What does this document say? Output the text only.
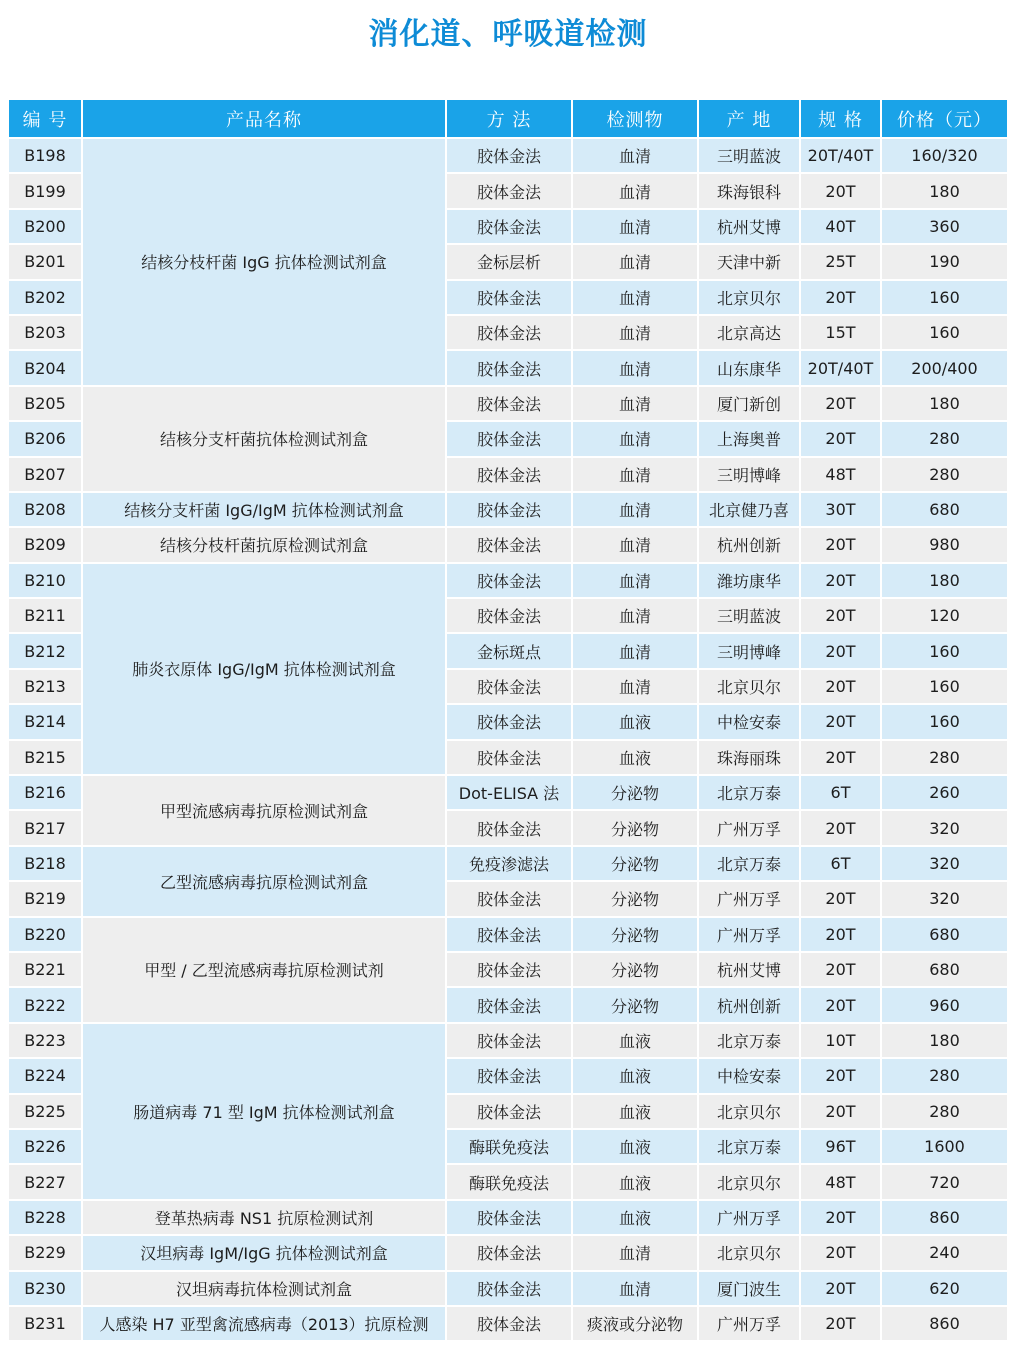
消化道、呼吸道检测
编 号	产品名称	方 法	检测物	产 地	规 格	价格（元）
B198	结核分枝杆菌 IgG 抗体检测试剂盒	胶体金法	血清	三明蓝波	20T/40T	160/320
B199		胶体金法	血清	珠海银科	20T	180
B200		胶体金法	血清	杭州艾博	40T	360
B201		金标层析	血清	天津中新	25T	190
B202		胶体金法	血清	北京贝尔	20T	160
B203		胶体金法	血清	北京高达	15T	160
B204		胶体金法	血清	山东康华	20T/40T	200/400
B205	结核分支杆菌抗体检测试剂盒	胶体金法	血清	厦门新创	20T	180
B206		胶体金法	血清	上海奥普	20T	280
B207		胶体金法	血清	三明博峰	48T	280
B208	结核分支杆菌 IgG/IgM 抗体检测试剂盒	胶体金法	血清	北京健乃喜	30T	680
B209	结核分枝杆菌抗原检测试剂盒	胶体金法	血清	杭州创新	20T	980
B210	肺炎衣原体 IgG/IgM 抗体检测试剂盒	胶体金法	血清	潍坊康华	20T	180
B211		胶体金法	血清	三明蓝波	20T	120
B212		金标斑点	血清	三明博峰	20T	160
B213		胶体金法	血清	北京贝尔	20T	160
B214		胶体金法	血液	中检安泰	20T	160
B215		胶体金法	血液	珠海丽珠	20T	280
B216	甲型流感病毒抗原检测试剂盒	Dot-ELISA 法	分泌物	北京万泰	6T	260
B217		胶体金法	分泌物	广州万孚	20T	320
B218	乙型流感病毒抗原检测试剂盒	免疫渗滤法	分泌物	北京万泰	6T	320
B219		胶体金法	分泌物	广州万孚	20T	320
B220	甲型 / 乙型流感病毒抗原检测试剂	胶体金法	分泌物	广州万孚	20T	680
B221		胶体金法	分泌物	杭州艾博	20T	680
B222		胶体金法	分泌物	杭州创新	20T	960
B223	肠道病毒 71 型 IgM 抗体检测试剂盒	胶体金法	血液	北京万泰	10T	180
B224		胶体金法	血液	中检安泰	20T	280
B225		胶体金法	血液	北京贝尔	20T	280
B226		酶联免疫法	血液	北京万泰	96T	1600
B227		酶联免疫法	血液	北京贝尔	48T	720
B228	登革热病毒 NS1 抗原检测试剂	胶体金法	血液	广州万孚	20T	860
B229	汉坦病毒 IgM/IgG 抗体检测试剂盒	胶体金法	血清	北京贝尔	20T	240
B230	汉坦病毒抗体检测试剂盒	胶体金法	血清	厦门波生	20T	620
B231	人感染 H7 亚型禽流感病毒（2013）抗原检测	胶体金法	痰液或分泌物	广州万孚	20T	860
